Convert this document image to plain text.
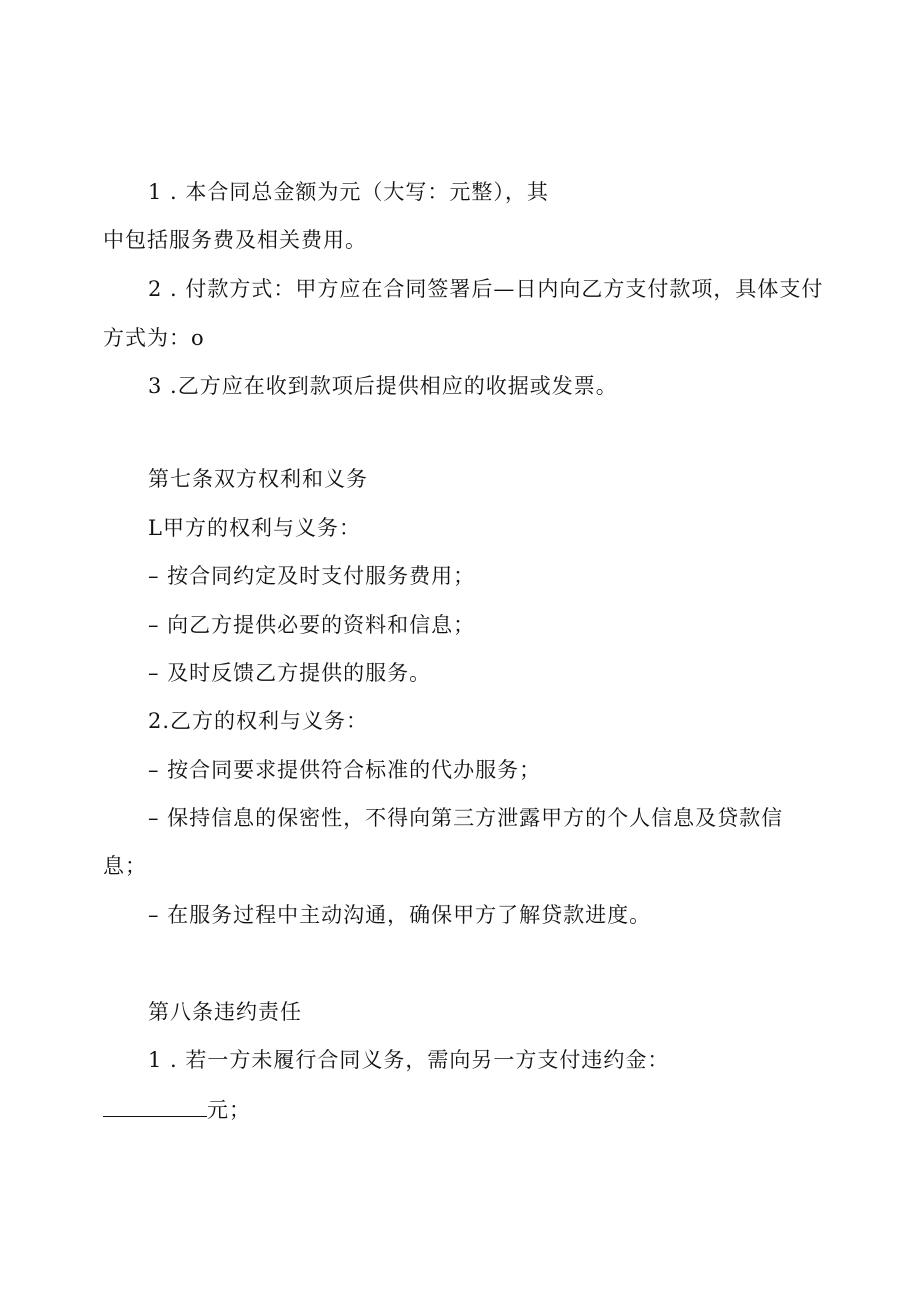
1 . 本合同总金额为元（大写：元整），其
中包括服务费及相关费用。
2 . 付款方式：甲方应在合同签署后—日内向乙方支付款项，具体支付
方式为：o
3 .乙方应在收到款项后提供相应的收据或发票。
第七条双方权利和义务
L甲方的权利与义务：
– 按合同约定及时支付服务费用；
– 向乙方提供必要的资料和信息；
– 及时反馈乙方提供的服务。
2.乙方的权利与义务：
– 按合同要求提供符合标准的代办服务；
– 保持信息的保密性，不得向第三方泄露甲方的个人信息及贷款信
息；
– 在服务过程中主动沟通，确保甲方了解贷款进度。
第八条违约责任
1 . 若一方未履行合同义务，需向另一方支付违约金：
元；
